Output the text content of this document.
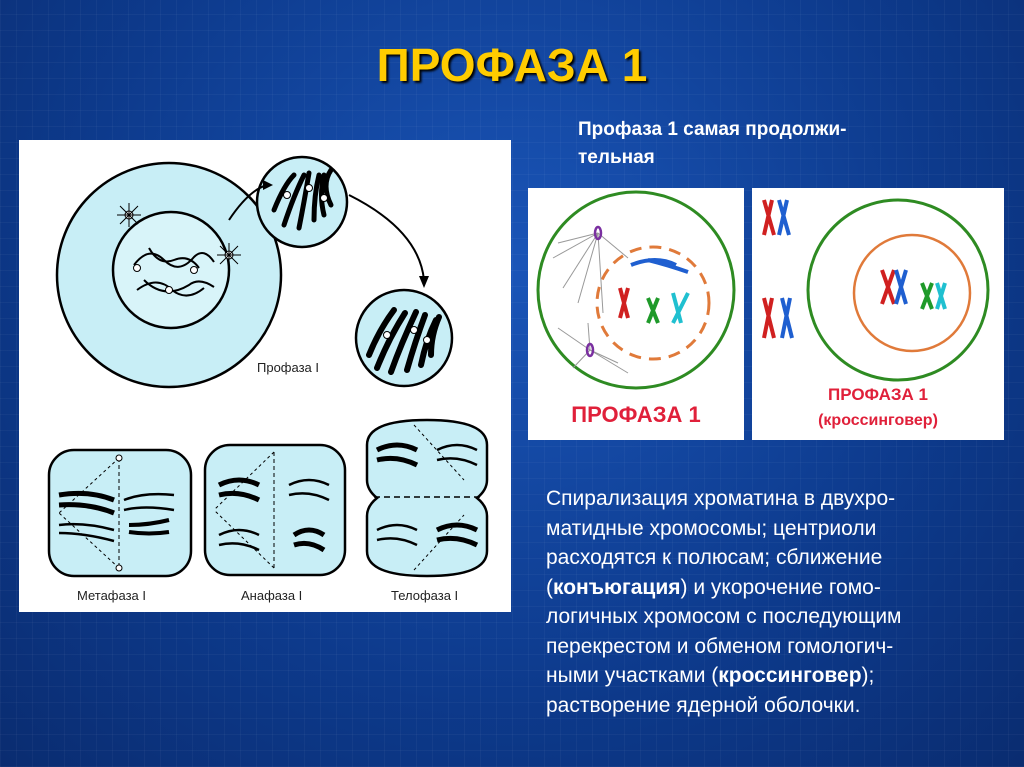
ПРОФАЗА 1
Профаза 1 самая продолжи-
тельная
Профаза I
Метафаза I	Анафаза I	Телофаза I
ПРОФАЗА 1
ПРОФАЗА 1
(кроссинговер)
Спирализация хроматина в двухро-
матидные хромосомы; центриоли
расходятся к полюсам; сближение
(конъюгация) и укорочение гомо-
логичных хромосом с последующим
перекрестом и обменом гомологич-
ными участками (кроссинговер);
растворение ядерной оболочки.
